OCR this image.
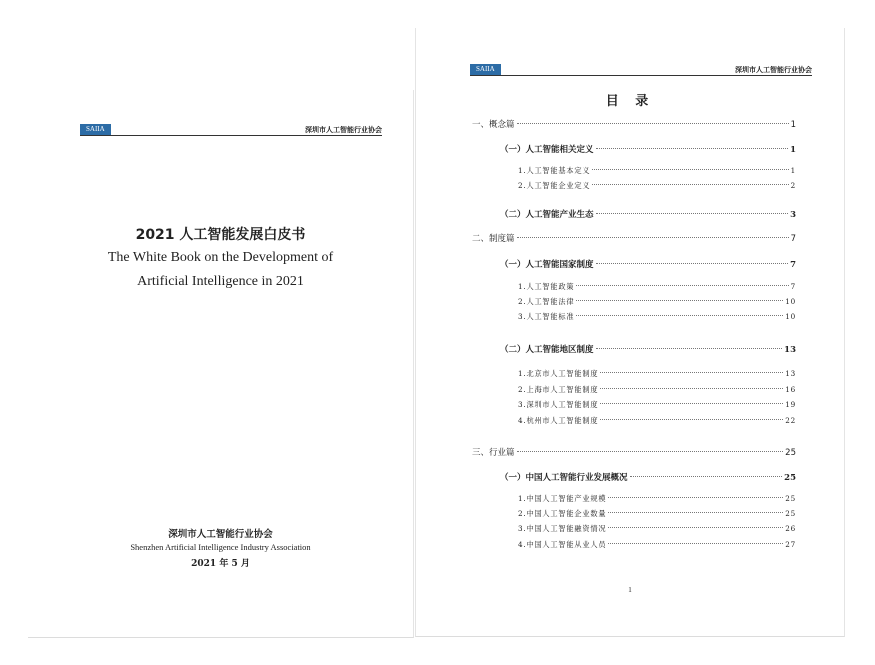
SAIIA	深圳市人工智能行业协会
2021 人工智能发展白皮书
The White Book on the Development of
Artificial Intelligence in 2021
深圳市人工智能行业协会
Shenzhen Artificial Intelligence Industry Association
2021 年 5 月
SAIIA	深圳市人工智能行业协会
目 录
一、概念篇	1
（一）人工智能相关定义	1
1.人工智能基本定义	1
2.人工智能企业定义	2
（二）人工智能产业生态	3
二、制度篇	7
（一）人工智能国家制度	7
1.人工智能政策	7
2.人工智能法律	10
3.人工智能标准	10
（二）人工智能地区制度	13
1.北京市人工智能制度	13
2.上海市人工智能制度	16
3.深圳市人工智能制度	19
4.杭州市人工智能制度	22
三、行业篇	25
（一）中国人工智能行业发展概况	25
1.中国人工智能产业规模	25
2.中国人工智能企业数量	25
3.中国人工智能融资情况	26
4.中国人工智能从业人员	27
1
